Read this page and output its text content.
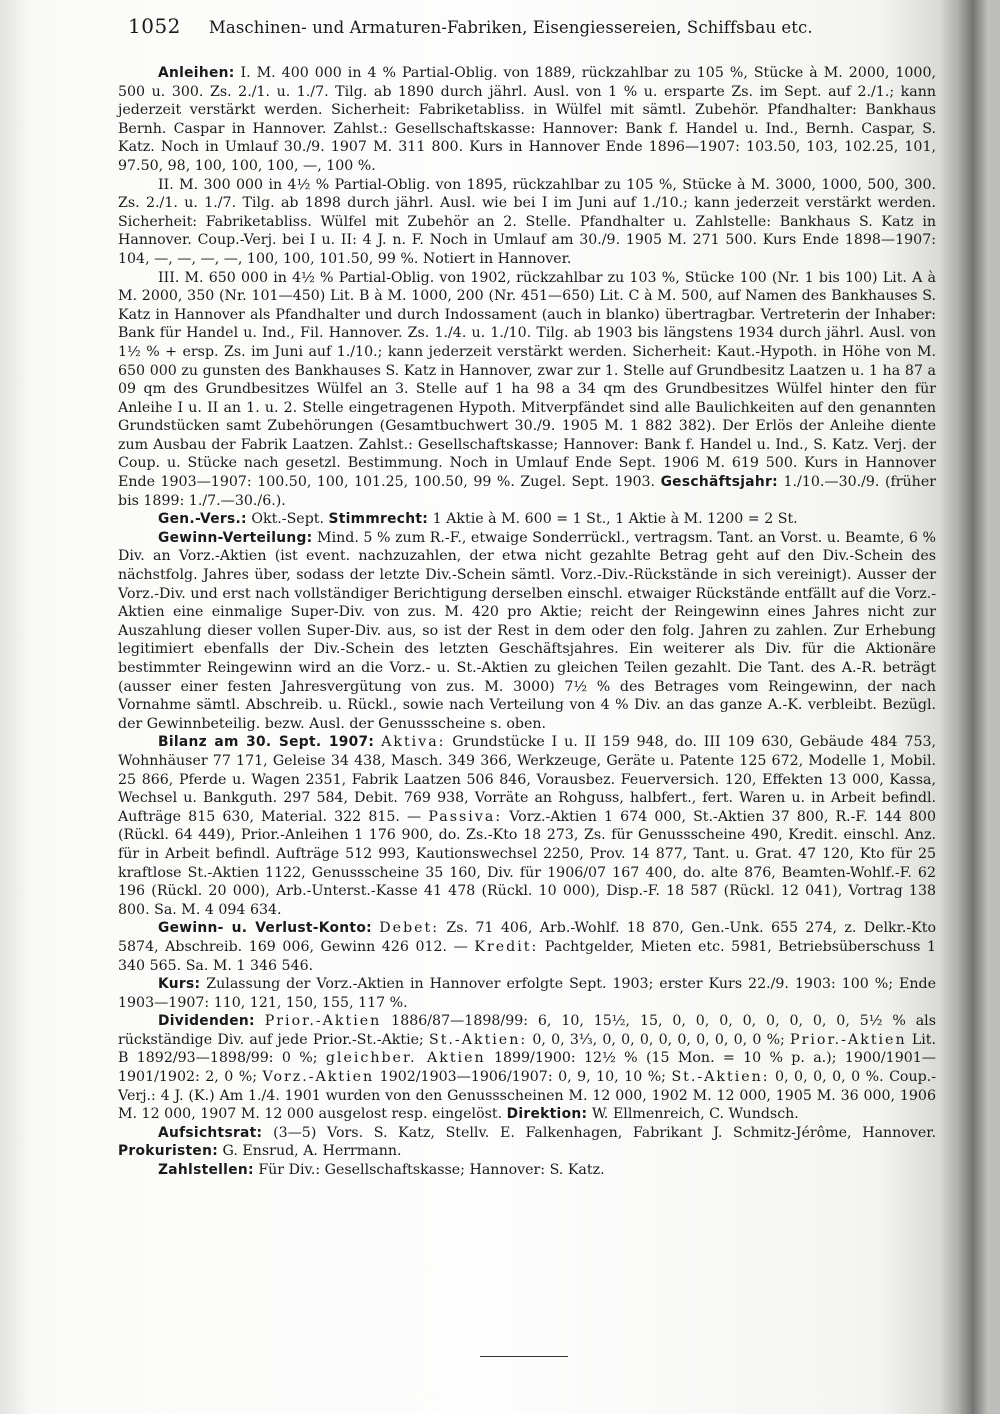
1052 Maschinen- und Armaturen-Fabriken, Eisengiessereien, Schiffsbau etc.

Anleihen: I. M. 400 000 in 4 % Partial-Oblig. von 1889, rückzahlbar zu 105 %, Stücke à M. 2000, 1000, 500 u. 300. Zs. 2./1. u. 1./7. Tilg. ab 1890 durch jährl. Ausl. von 1 % u. ersparte Zs. im Sept. auf 2./1.; kann jederzeit verstärkt werden. Sicherheit: Fabriketabliss. in Wülfel mit sämtl. Zubehör. Pfandhalter: Bankhaus Bernh. Caspar in Hannover. Zahlst.: Gesellschaftskasse: Hannover: Bank f. Handel u. Ind., Bernh. Caspar, S. Katz. Noch in Umlauf 30./9. 1907 M. 311 800. Kurs in Hannover Ende 1896—1907: 103.50, 103, 102.25, 101, 97.50, 98, 100, 100, 100, —, 100 %.

II. M. 300 000 in 4½ % Partial-Oblig. von 1895, rückzahlbar zu 105 %, Stücke à M. 3000, 1000, 500, 300. Zs. 2./1. u. 1./7. Tilg. ab 1898 durch jährl. Ausl. wie bei I im Juni auf 1./10.; kann jederzeit verstärkt werden. Sicherheit: Fabriketabliss. Wülfel mit Zubehör an 2. Stelle. Pfandhalter u. Zahlstelle: Bankhaus S. Katz in Hannover. Coup.-Verj. bei I u. II: 4 J. n. F. Noch in Umlauf am 30./9. 1905 M. 271 500. Kurs Ende 1898—1907: 104, —, —, —, —, 100, 100, 101.50, 99 %. Notiert in Hannover.

III. M. 650 000 in 4½ % Partial-Oblig. von 1902, rückzahlbar zu 103 %, Stücke 100 (Nr. 1 bis 100) Lit. A à M. 2000, 350 (Nr. 101—450) Lit. B à M. 1000, 200 (Nr. 451—650) Lit. C à M. 500, auf Namen des Bankhauses S. Katz in Hannover als Pfandhalter und durch Indossament (auch in blanko) übertragbar. Vertreterin der Inhaber: Bank für Handel u. Ind., Fil. Hannover. Zs. 1./4. u. 1./10. Tilg. ab 1903 bis längstens 1934 durch jährl. Ausl. von 1½ % + ersp. Zs. im Juni auf 1./10.; kann jederzeit verstärkt werden. Sicherheit: Kaut.-Hypoth. in Höhe von M. 650 000 zu gunsten des Bankhauses S. Katz in Hannover, zwar zur 1. Stelle auf Grundbesitz Laatzen u. 1 ha 87 a 09 qm des Grundbesitzes Wülfel an 3. Stelle auf 1 ha 98 a 34 qm des Grundbesitzes Wülfel hinter den für Anleihe I u. II an 1. u. 2. Stelle eingetragenen Hypoth. Mitverpfändet sind alle Baulichkeiten auf den genannten Grundstücken samt Zubehörungen (Gesamtbuchwert 30./9. 1905 M. 1 882 382). Der Erlös der Anleihe diente zum Ausbau der Fabrik Laatzen. Zahlst.: Gesellschaftskasse; Hannover: Bank f. Handel u. Ind., S. Katz. Verj. der Coup. u. Stücke nach gesetzl. Bestimmung. Noch in Umlauf Ende Sept. 1906 M. 619 500. Kurs in Hannover Ende 1903—1907: 100.50, 100, 101.25, 100.50, 99 %. Zugel. Sept. 1903. Geschäftsjahr: 1./10.—30./9. (früher bis 1899: 1./7.—30./6.).

Gen.-Vers.: Okt.-Sept. Stimmrecht: 1 Aktie à M. 600 = 1 St., 1 Aktie à M. 1200 = 2 St.

Gewinn-Verteilung: Mind. 5 % zum R.-F., etwaige Sonderrückl., vertragsm. Tant. an Vorst. u. Beamte, 6 % Div. an Vorz.-Aktien (ist event. nachzuzahlen, der etwa nicht gezahlte Betrag geht auf den Div.-Schein des nächstfolg. Jahres über, sodass der letzte Div.-Schein sämtl. Vorz.-Div.-Rückstände in sich vereinigt). Ausser der Vorz.-Div. und erst nach vollständiger Berichtigung derselben einschl. etwaiger Rückstände entfällt auf die Vorz.-Aktien eine einmalige Super-Div. von zus. M. 420 pro Aktie; reicht der Reingewinn eines Jahres nicht zur Auszahlung dieser vollen Super-Div. aus, so ist der Rest in dem oder den folg. Jahren zu zahlen. Zur Erhebung legitimiert ebenfalls der Div.-Schein des letzten Geschäftsjahres. Ein weiterer als Div. für die Aktionäre bestimmter Reingewinn wird an die Vorz.- u. St.-Aktien zu gleichen Teilen gezahlt. Die Tant. des A.-R. beträgt (ausser einer festen Jahresvergütung von zus. M. 3000) 7½ % des Betrages vom Reingewinn, der nach Vornahme sämtl. Abschreib. u. Rückl., sowie nach Verteilung von 4 % Div. an das ganze A.-K. verbleibt. Bezügl. der Gewinnbeteilig. bezw. Ausl. der Genussscheine s. oben.

Bilanz am 30. Sept. 1907: Aktiva: Grundstücke I u. II 159 948, do. III 109 630, Gebäude 484 753, Wohnhäuser 77 171, Geleise 34 438, Masch. 349 366, Werkzeuge, Geräte u. Patente 125 672, Modelle 1, Mobil. 25 866, Pferde u. Wagen 2351, Fabrik Laatzen 506 846, Vorausbez. Feuerversich. 120, Effekten 13 000, Kassa, Wechsel u. Bankguth. 297 584, Debit. 769 938, Vorräte an Rohguss, halbfert., fert. Waren u. in Arbeit befindl. Aufträge 815 630, Material. 322 815. — Passiva: Vorz.-Aktien 1 674 000, St.-Aktien 37 800, R.-F. 144 800 (Rückl. 64 449), Prior.-Anleihen 1 176 900, do. Zs.-Kto 18 273, Zs. für Genussscheine 490, Kredit. einschl. Anz. für in Arbeit befindl. Aufträge 512 993, Kautionswechsel 2250, Prov. 14 877, Tant. u. Grat. 47 120, Kto für 25 kraftlose St.-Aktien 1122, Genussscheine 35 160, Div. für 1906/07 167 400, do. alte 876, Beamten-Wohlf.-F. 62 196 (Rückl. 20 000), Arb.-Unterst.-Kasse 41 478 (Rückl. 10 000), Disp.-F. 18 587 (Rückl. 12 041), Vortrag 138 800. Sa. M. 4 094 634.

Gewinn- u. Verlust-Konto: Debet: Zs. 71 406, Arb.-Wohlf. 18 870, Gen.-Unk. 655 274, z. Delkr.-Kto 5874, Abschreib. 169 006, Gewinn 426 012. — Kredit: Pachtgelder, Mieten etc. 5981, Betriebsüberschuss 1 340 565. Sa. M. 1 346 546.

Kurs: Zulassung der Vorz.-Aktien in Hannover erfolgte Sept. 1903; erster Kurs 22./9. 1903: 100 %; Ende 1903—1907: 110, 121, 150, 155, 117 %.

Dividenden: Prior.-Aktien 1886/87—1898/99: 6, 10, 15½, 15, 0, 0, 0, 0, 0, 0, 0, 0, 5½ % als rückständige Div. auf jede Prior.-St.-Aktie; St.-Aktien: 0, 0, 3⅓, 0, 0, 0, 0, 0, 0, 0, 0, 0 %; Prior.-Aktien Lit. B 1892/93—1898/99: 0 %; gleichber. Aktien 1899/1900: 12½ % (15 Mon. = 10 % p. a.); 1900/1901—1901/1902: 2, 0 %; Vorz.-Aktien 1902/1903—1906/1907: 0, 9, 10, 10 %; St.-Aktien: 0, 0, 0, 0, 0 %. Coup.-Verj.: 4 J. (K.) Am 1./4. 1901 wurden von den Genussscheinen M. 12 000, 1902 M. 12 000, 1905 M. 36 000, 1906 M. 12 000, 1907 M. 12 000 ausgelost resp. eingelöst. Direktion: W. Ellmenreich, C. Wundsch.

Aufsichtsrat: (3—5) Vors. S. Katz, Stellv. E. Falkenhagen, Fabrikant J. Schmitz-Jérôme, Hannover. Prokuristen: G. Ensrud, A. Herrmann.

Zahlstellen: Für Div.: Gesellschaftskasse; Hannover: S. Katz.
